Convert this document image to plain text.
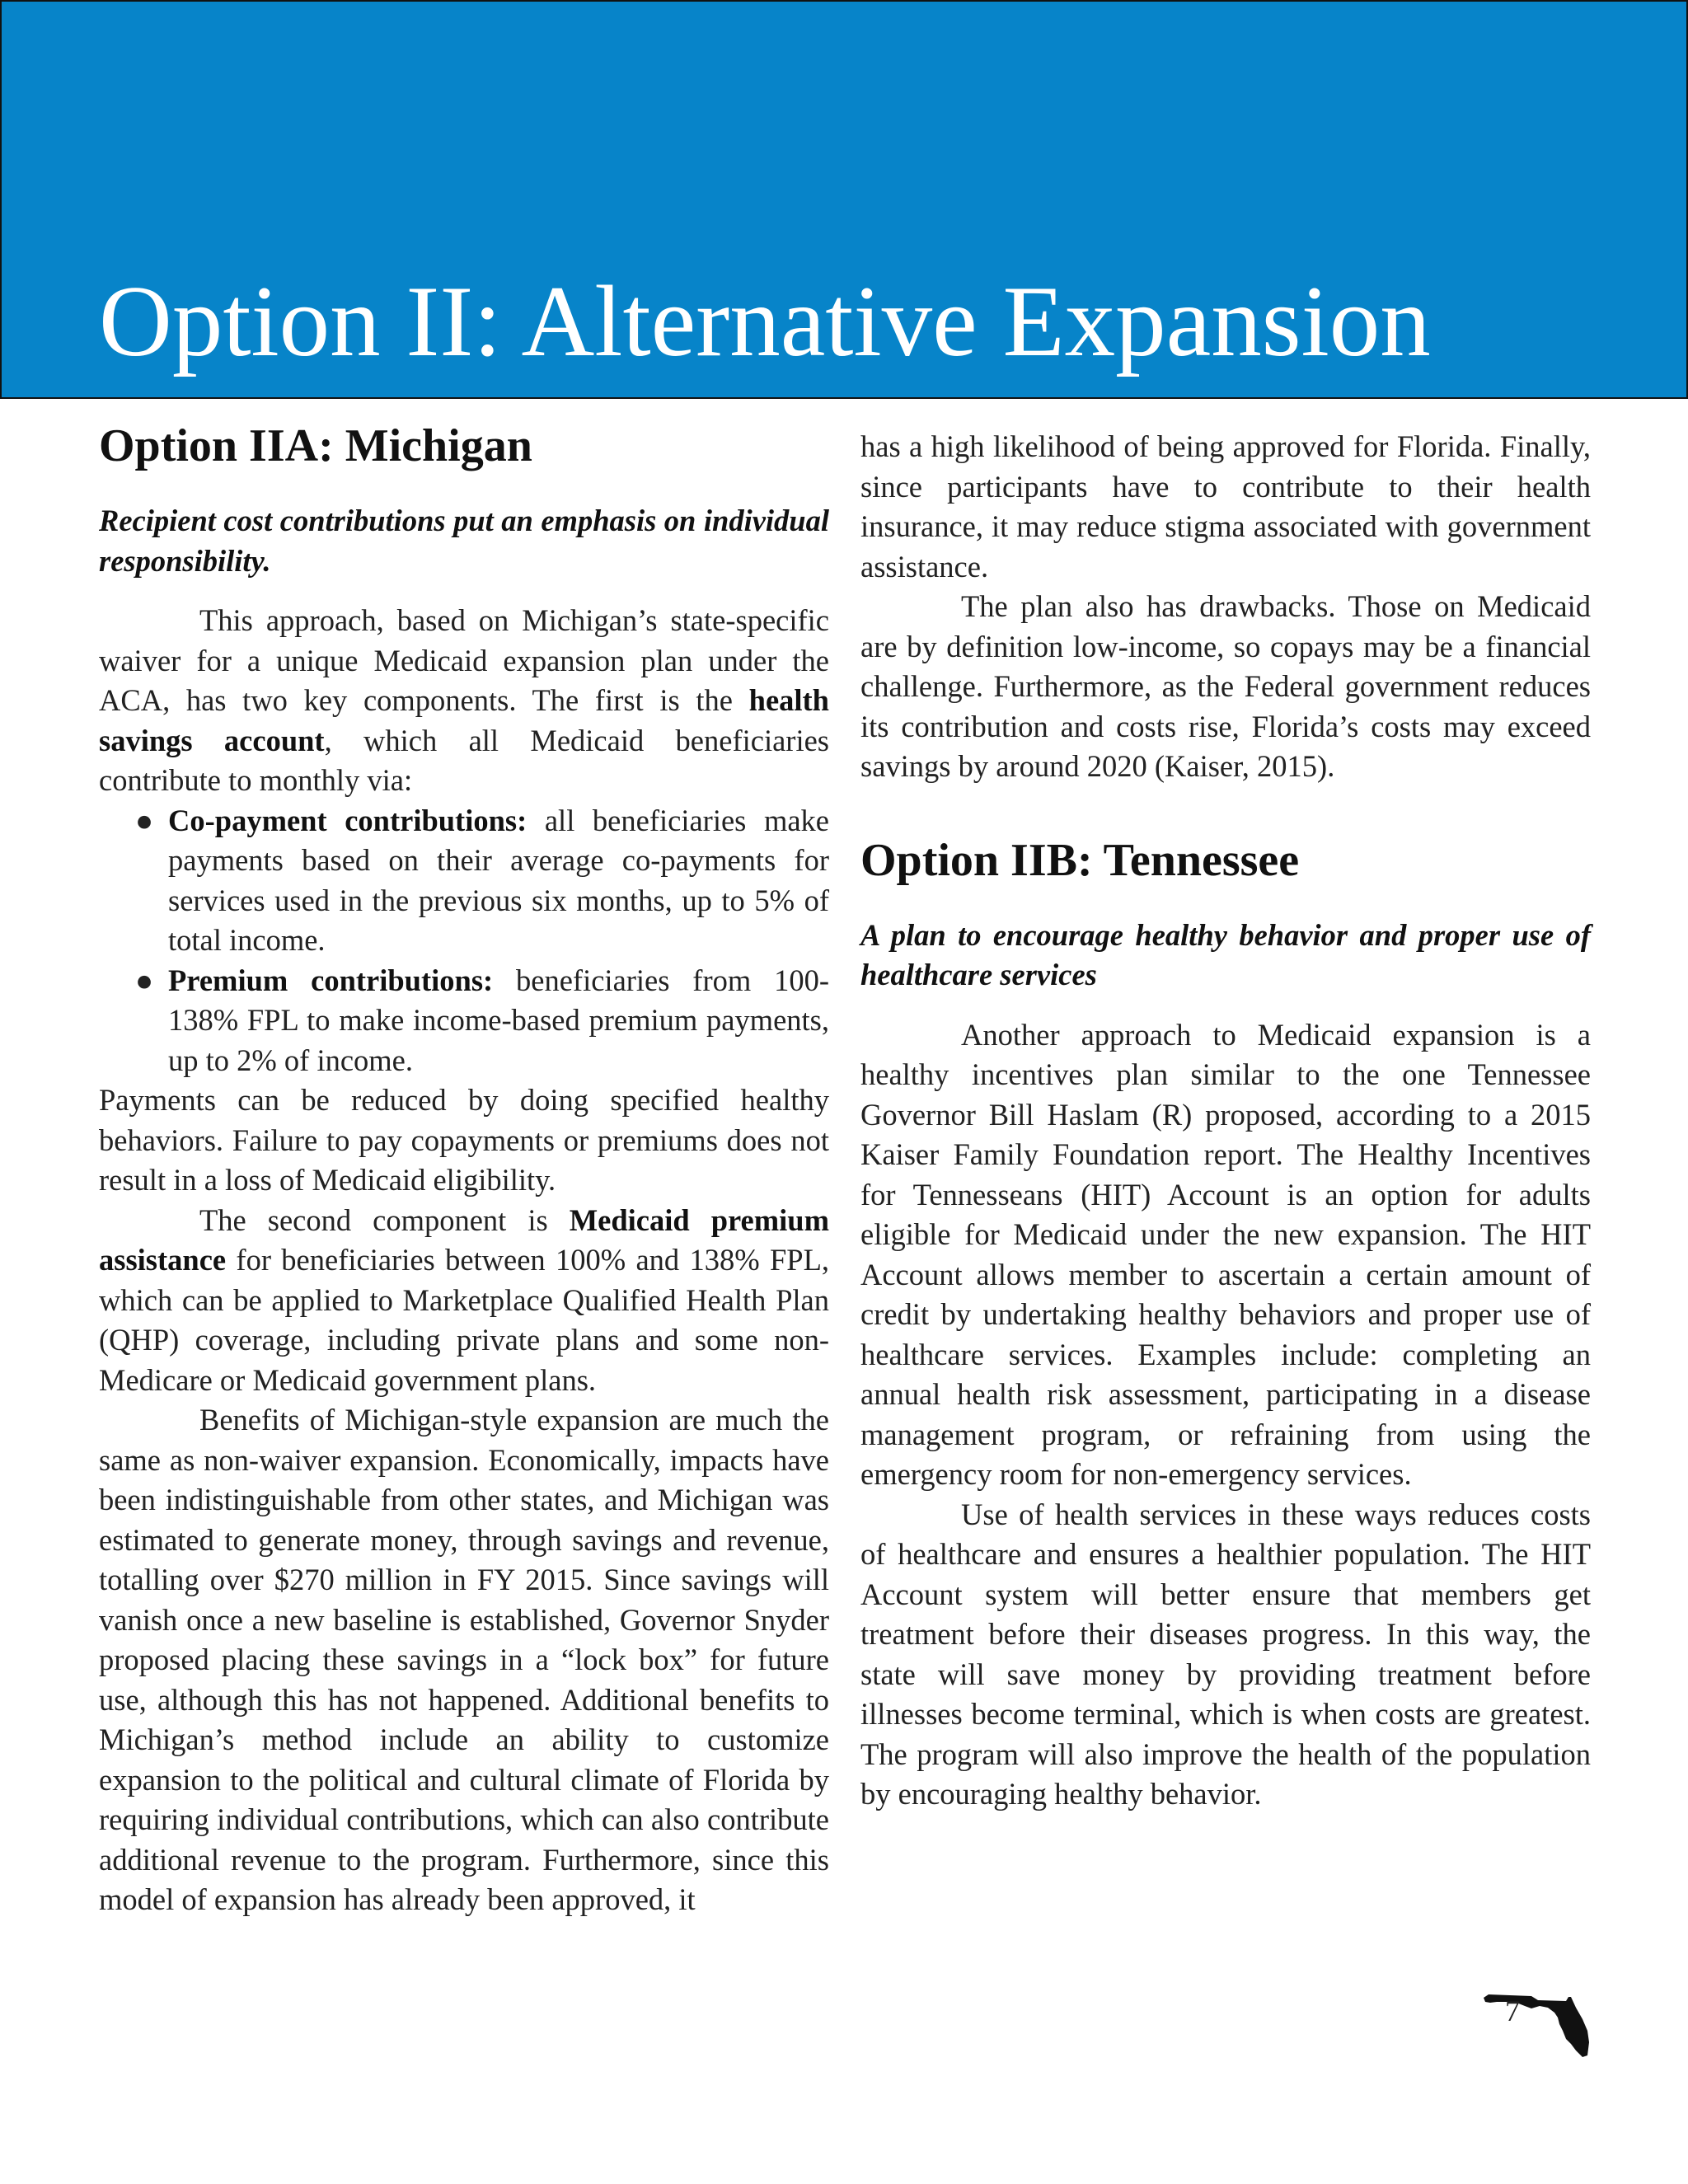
Option II: Alternative Expansion
Option IIA: Michigan

Recipient cost contributions put an emphasis on individual responsibility.

This approach, based on Michigan’s state-specific waiver for a unique Medicaid expansion plan under the ACA, has two key components. The first is the health savings account, which all Medicaid beneficiaries contribute to monthly via:

● Co-payment contributions: all beneficiaries make payments based on their average co-payments for services used in the previous six months, up to 5% of total income.
● Premium contributions: beneficiaries from 100-138% FPL to make income-based premium payments, up to 2% of income.

Payments can be reduced by doing specified healthy behaviors. Failure to pay copayments or premiums does not result in a loss of Medicaid eligibility.

The second component is Medicaid premium assistance for beneficiaries between 100% and 138% FPL, which can be applied to Marketplace Qualified Health Plan (QHP) coverage, including private plans and some non-Medicare or Medicaid government plans.

Benefits of Michigan-style expansion are much the same as non-waiver expansion. Economically, impacts have been indistinguishable from other states, and Michigan was estimated to generate money, through savings and revenue, totalling over $270 million in FY 2015. Since savings will vanish once a new baseline is established, Governor Snyder proposed placing these savings in a “lock box” for future use, although this has not happened. Additional benefits to Michigan’s method include an ability to customize expansion to the political and cultural climate of Florida by requiring individual contributions, which can also contribute additional revenue to the program. Furthermore, since this model of expansion has already been approved, it

has a high likelihood of being approved for Florida. Finally, since participants have to contribute to their health insurance, it may reduce stigma associated with government assistance.

The plan also has drawbacks. Those on Medicaid are by definition low-income, so copays may be a financial challenge. Furthermore, as the Federal government reduces its contribution and costs rise, Florida’s costs may exceed savings by around 2020 (Kaiser, 2015).

Option IIB: Tennessee

A plan to encourage healthy behavior and proper use of healthcare services

Another approach to Medicaid expansion is a healthy incentives plan similar to the one Tennessee Governor Bill Haslam (R) proposed, according to a 2015 Kaiser Family Foundation report. The Healthy Incentives for Tennesseans (HIT) Account is an option for adults eligible for Medicaid under the new expansion. The HIT Account allows member to ascertain a certain amount of credit by undertaking healthy behaviors and proper use of healthcare services. Examples include: completing an annual health risk assessment, participating in a disease management program, or refraining from using the emergency room for non-emergency services.

Use of health services in these ways reduces costs of healthcare and ensures a healthier population. The HIT Account system will better ensure that members get treatment before their diseases progress. In this way, the state will save money by providing treatment before illnesses become terminal, which is when costs are greatest. The program will also improve the health of the population by encouraging healthy behavior.

7
